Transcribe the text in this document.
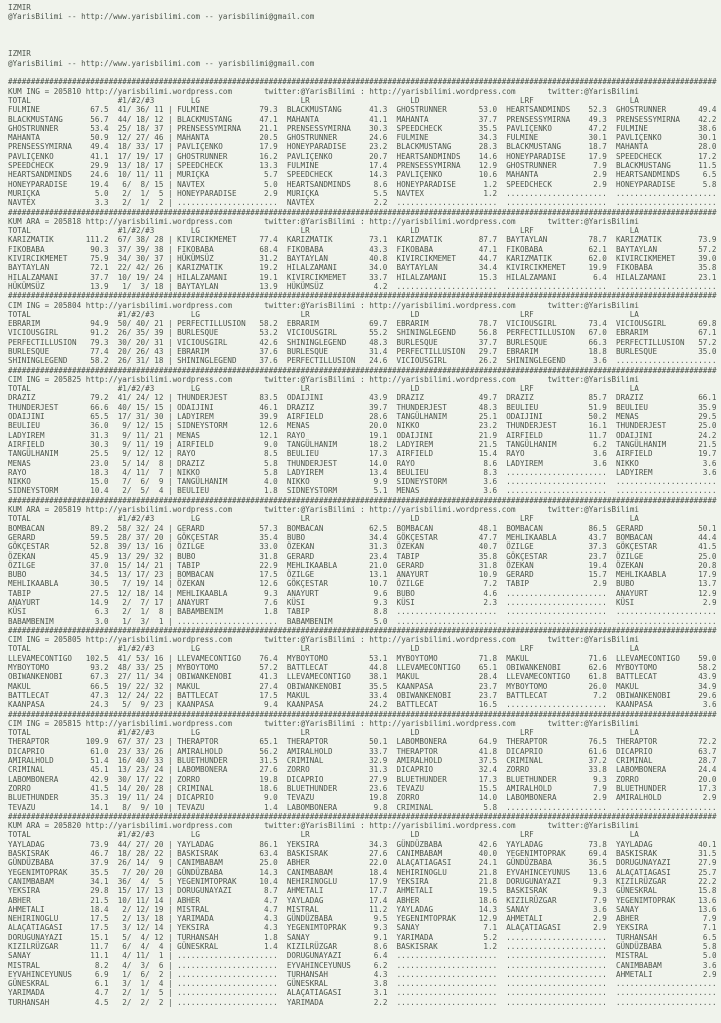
IZMIR
@YarisBilimi -- http://www.yarisbilimi.com -- yarisbilimi@gmail.com

IZMIR
@YarisBilimi -- http://www.yarisbilimi.com -- yarisbilimi@gmail.com

###########################################################################################################################################################
KUM ING = 205810 http://yarisbilimi.wordpress.com	twitter:@YarisBilimi : http://yarisbilimi.wordpress.com	twitter:@YarisBilimi
TOTAL	#1/#2/#3	LG	LR	LD	LRF	LA
FULMINE	67.5 41/ 36/ 11 | FULMINE	79.3 BLACKMUSTANG	41.3 GHOSTRUNNER	53.0 HEARTSANDMINDS 52.3 GHOSTRUNNER	49.4
BLACKMUSTANG	56.7 44/ 18/ 12 | BLACKMUSTANG	47.1 MAHANTA	41.1 MAHANTA	37.7 PRENSESSYMIRNA 49.3 PRENSESSYMIRNA 42.2
GHOSTRUNNER	53.4 25/ 18/ 37 | PRENSESSYMIRNA 21.1 PRENSESSYMIRNA 30.3 SPEEDCHECK	35.5 PAVLIÇENKO	47.2 FULMINE	38.6
MAHANTA	50.9 12/ 27/ 46 | MAHANTA	20.5 GHOSTRUNNER	24.6 FULMINE	34.3 FULMINE	30.1 PAVLIÇENKO	30.1
PRENSESSYMIRNA 49.4 18/ 33/ 17 | PAVLIÇENKO	17.9 HONEYPARADISE	23.2 BLACKMUSTANG	28.3 BLACKMUSTANG	18.7 MAHANTA	28.0
PAVLIÇENKO	41.1 17/ 19/ 17 | GHOSTRUNNER	16.2 PAVLIÇENKO	20.7 HEARTSANDMINDS 14.6 HONEYPARADISE	17.9 SPEEDCHECK	17.2
SPEEDCHECK	29.9 13/ 18/ 17 | SPEEDCHECK	13.3 FULMINE	17.4 PRENSESSYMIRNA 12.9 GHOSTRUNNER	7.9 BLACKMUSTANG	11.5
HEARTSANDMINDS 24.6 10/ 11/ 11 | MURIÇKA	5.7 SPEEDCHECK	14.3 PAVLIÇENKO	10.6 MAHANTA	2.9 HEARTSANDMINDS	6.5
HONEYPARADISE	19.4 6/  8/ 15 | NAVTEX	5.0 HEARTSANDMINDS	8.6 HONEYPARADISE	1.2 SPEEDCHECK	2.9 HONEYPARADISE	5.8
MURIÇKA	5.0 2/  1/  5 | HONEYPARADISE	2.9 MURIÇKA	5.5 NAVTEX	1.2 ...................... ......................
NAVTEX	3.3 2/  1/  2 | ...................... NAVTEX	2.2 ...................... ...................... ......................
###########################################################################################################################################################
KUM ARA = 205818 http://yarisbilimi.wordpress.com	twitter:@YarisBilimi : http://yarisbilimi.wordpress.com	twitter:@YarisBilimi
TOTAL	#1/#2/#3	LG	LR	LD	LRF	LA
KARIZMATIK	111.2 67/ 38/ 28 | KIVIRCIKMEMET	77.4 KARIZMATIK	73.1 KARIZMATIK	87.7 BAYTAYLAN	78.7 KARIZMATIK	73.9
FIKOBABA	90.3 37/ 39/ 38 | FIKOBABA	68.4 FIKOBABA	43.3 FIKOBABA	47.1 FIKOBABA	62.1 BAYTAYLAN	57.2
KIVIRCIKMEMET	75.9 34/ 30/ 37 | HÜKÜMSÜZ	31.2 BAYTAYLAN	40.8 KIVIRCIKMEMET	44.7 KARIZMATIK	62.0 KIVIRCIKMEMET	39.0
BAYTAYLAN	72.1 22/ 42/ 26 | KARIZMATIK	19.2 HILALZAMANI	34.0 BAYTAYLAN	34.4 KIVIRCIKMEMET	19.9 FIKOBABA	35.8
HILALZAMANI	37.7 10/ 19/ 24 | HILALZAMANI	19.1 KIVIRCIKMEMET	33.7 HILALZAMANI	15.3 HILALZAMANI	6.4 HILALZAMANI	23.1
HÜKÜMSÜZ	13.9 1/  3/ 18 | BAYTAYLAN	13.9 HÜKÜMSÜZ	4.2 ...................... ...................... ......................
###########################################################################################################################################################
CIM ING = 205804 http://yarisbilimi.wordpress.com	twitter:@YarisBilimi : http://yarisbilimi.wordpress.com	twitter:@YarisBilimi
TOTAL	#1/#2/#3	LG	LR	LD	LRF	LA
EBRARIM	94.9 50/ 40/ 21 | PERFECTILLUSION 58.2 EBRARIM	69.7 EBRARIM	78.7 VICIOUSGIRL	73.4 VICIOUSGIRL	69.8
VICIOUSGIRL	91.2 26/ 35/ 39 | BURLESQUE	53.2 VICIOUSGIRL	55.2 SHININGLEGEND	56.8 PERFECTILLUSION 67.0 EBRARIM	67.1
PERFECTILLUSION 79.3 30/ 20/ 31 | VICIOUSGIRL	42.6 SHININGLEGEND	48.3 BURLESQUE	37.7 BURLESQUE	66.3 PERFECTILLUSION 57.2
BURLESQUE	77.4 20/ 26/ 43 | EBRARIM	37.6 BURLESQUE	31.4 PERFECTILLUSION 29.7 EBRARIM	18.8 BURLESQUE	35.0
SHININGLEGEND	58.2 26/ 31/ 18 | SHININGLEGEND	37.6 PERFECTILLUSION 24.6 VICIOUSGIRL	26.2 SHININGLEGEND	3.6 ......................
###########################################################################################################################################################
CIM ING = 205825 http://yarisbilimi.wordpress.com	twitter:@YarisBilimi : http://yarisbilimi.wordpress.com	twitter:@YarisBilimi
TOTAL	#1/#2/#3	LG	LR	LD	LRF	LA
DRAZIZ	79.2 41/ 24/ 12 | THUNDERJEST	83.5 ODAIJINI	43.9 DRAZIZ	49.7 DRAZIZ	85.7 DRAZIZ	66.1
THUNDERJEST	66.6 40/ 15/ 15 | ODAIJINI	46.1 DRAZIZ	39.7 THUNDERJEST	48.3 BEULIEU	51.9 BEULIEU	35.9
ODAIJINI	65.5 17/ 31/ 30 | LADYIREM	39.9 AIRFIELD	28.6 TANGÜLHANIM	25.1 ODAIJINI	50.2 MENAS	29.5
BEULIEU	36.0 9/ 12/ 15 | SIDNEYSTORM	12.6 MENAS	20.0 NIKKO	23.2 THUNDERJEST	16.1 THUNDERJEST	25.0
LADYIREM	31.3 9/ 11/ 21 | MENAS	12.1 RAYO	19.1 ODAIJINI	21.9 AIRFIELD	11.7 ODAIJINI	24.2
AIRFIELD	30.3 9/ 11/ 19 | AIRFIELD	9.0 TANGÜLHANIM	18.2 LADYIREM	21.5 TANGÜLHANIM	6.2 TANGÜLHANIM	21.5
TANGÜLHANIM	25.5 9/ 12/ 12 | RAYO	8.5 BEULIEU	17.3 AIRFIELD	15.4 RAYO	3.6 AIRFIELD	19.7
MENAS	23.0 5/ 14/  8 | DRAZIZ	5.8 THUNDERJEST	14.0 RAYO	8.6 LADYIREM	3.6 NIKKO	3.6
RAYO	18.3 4/ 11/  7 | NIKKO	5.8 LADYIREM	13.4 BEULIEU	8.3 ...................... LADYIREM	3.6
NIKKO	15.0 7/  6/  9 | TANGÜLHANIM	4.0 NIKKO	9.9 SIDNEYSTORM	3.6 ...................... ......................
SIDNEYSTORM	10.4 2/  5/  4 | BEULIEU	1.8 SIDNEYSTORM	5.1 MENAS	3.6 ...................... ......................
###########################################################################################################################################################
KUM ARA = 205819 http://yarisbilimi.wordpress.com	twitter:@YarisBilimi : http://yarisbilimi.wordpress.com	twitter:@YarisBilimi
TOTAL	#1/#2/#3	LG	LR	LD	LRF	LA
BOMBACAN	89.2 58/ 32/ 24 | GERARD	57.3 BOMBACAN	62.5 BOMBACAN	48.1 BOMBACAN	86.5 GERARD	50.1
GERARD	59.5 28/ 37/ 20 | GÖKÇESTAR	35.4 BUBO	34.4 GÖKÇESTAR	47.7 MEHLIKAABLA	43.7 BOMBACAN	44.4
GÖKÇESTAR	52.8 39/ 13/ 16 | ÖZILGE	33.0 ÖZEKAN	31.3 ÖZEKAN	40.7 ÖZILGE	37.3 GÖKÇESTAR	41.5
ÖZEKAN	45.9 13/ 29/ 32 | BUBO	31.8 GERARD	23.4 TABIP	35.8 GÖKÇESTAR	23.7 ÖZILGE	25.0
ÖZILGE	37.0 15/ 14/ 21 | TABIP	22.9 MEHLIKAABLA	21.0 GERARD	31.8 ÖZEKAN	19.4 ÖZEKAN	20.8
BUBO	34.5 13/ 17/ 23 | BOMBACAN	17.5 ÖZILGE	13.1 ANAYURT	10.9 GERARD	15.7 MEHLIKAABLA	17.9
MEHLIKAABLA	30.5 7/ 19/ 14 | ÖZEKAN	12.6 GÖKÇESTAR	10.7 ÖZILGE	7.2 TABIP	2.9 BUBO	13.7
TABIP	27.5 12/ 18/ 14 | MEHLIKAABLA	9.3 ANAYURT	9.6 BUBO	4.6 ...................... ANAYURT	12.9
ANAYURT	14.9 2/  7/ 17 | ANAYURT	7.6 KÜSI	9.3 KÜSI	2.3 ...................... KÜSI	2.9
KÜSI	6.3 2/  1/  8 | BABAMBENIM	1.8 TABIP	8.8 ...................... ...................... ......................
BABAMBENIM	3.0 1/  3/  1 | ...................... BABAMBENIM	5.0 ...................... ...................... ......................
###########################################################################################################################################################
CIM ING = 205805 http://yarisbilimi.wordpress.com	twitter:@YarisBilimi : http://yarisbilimi.wordpress.com	twitter:@YarisBilimi
TOTAL	#1/#2/#3	LG	LR	LD	LRF	LA
LLEVAMECONTIGO 102.5 41/ 53/ 16 | LLEVAMECONTIGO 76.4 MYBOYTOMO	53.1 MYBOYTOMO	71.8 MAKUL	71.6 LLEVAMECONTIGO 59.0
MYBOYTOMO	93.2 48/ 33/ 25 | MYBOYTOMO	57.2 BATTLECAT	44.8 LLEVAMECONTIGO 65.1 OBIWANKENOBI	62.6 MYBOYTOMO	58.2
OBIWANKENOBI	67.3 27/ 11/ 34 | OBIWANKENOBI	41.3 LLEVAMECONTIGO 38.1 MAKUL	28.4 LLEVAMECONTIGO 61.8 BATTLECAT	43.9
MAKUL	66.5 19/ 22/ 32 | MAKUL	27.4 OBIWANKENOBI	35.5 KAANPASA	23.7 MYBOYTOMO	26.0 MAKUL	34.9
BATTLECAT	47.3 12/ 24/ 22 | BATTLECAT	17.5 MAKUL	33.4 OBIWANKENOBI	23.7 BATTLECAT	7.2 OBIWANKENOBI	29.6
KAANPASA	24.3 5/  9/ 23 | KAANPASA	9.4 KAANPASA	24.2 BATTLECAT	16.5 ...................... KAANPASA	3.6
###########################################################################################################################################################
CIM ING = 205815 http://yarisbilimi.wordpress.com	twitter:@YarisBilimi : http://yarisbilimi.wordpress.com	twitter:@YarisBilimi
TOTAL	#1/#2/#3	LG	LR	LD	LRF	LA
THERAPTOR	109.9 67/ 37/ 23 | THERAPTOR	65.1 THERAPTOR	50.1 LABOMBONERA	64.9 THERAPTOR	76.5 THERAPTOR	72.2
DICAPRIO	61.0 23/ 33/ 26 | AMIRALHOLD	56.2 AMIRALHOLD	33.7 THERAPTOR	41.8 DICAPRIO	61.6 DICAPRIO	63.7
AMIRALHOLD	51.4 16/ 40/ 33 | BLUETHUNDER	31.5 CRIMINAL	32.9 AMIRALHOLD	37.5 CRIMINAL	37.2 CRIMINAL	28.7
CRIMINAL	45.1 13/ 23/ 24 | LABOMBONERA	27.6 ZORRO	31.3 DICAPRIO	32.4 ZORRO	33.8 LABOMBONERA	24.4
LABOMBONERA	42.9 30/ 17/ 22 | ZORRO	19.8 DICAPRIO	27.9 BLUETHUNDER	17.3 BLUETHUNDER	9.3 ZORRO	20.0
ZORRO	41.5 14/ 20/ 28 | CRIMINAL	18.6 BLUETHUNDER	23.6 TEVAZU	15.5 AMIRALHOLD	7.9 BLUETHUNDER	17.3
BLUETHUNDER	35.3 19/ 11/ 24 | DICAPRIO	9.0 TEVAZU	19.8 ZORRO	14.0 LABOMBONERA	2.9 AMIRALHOLD	2.9
TEVAZU	14.1 8/  9/ 10 | TEVAZU	1.4 LABOMBONERA	9.8 CRIMINAL	5.8 ...................... ......................
###########################################################################################################################################################
KUM ARA = 205820 http://yarisbilimi.wordpress.com	twitter:@YarisBilimi : http://yarisbilimi.wordpress.com	twitter:@YarisBilimi
TOTAL	#1/#2/#3	LG	LR	LD	LRF	LA
YAYLADAG	73.9 44/ 27/ 20 | YAYLADAG	86.1 YEKSIRA	34.3 GÜNDÜZBABA	42.6 YAYLADAG	73.8 YAYLADAG	40.1
BASKISRAK	46.7 18/ 28/ 22 | BASKISRAK	63.4 BASKISRAK	27.6 CANIMBABAM	40.0 YEGENIMTOPRAK	69.4 BASKISRAK	31.5
GÜNDÜZBABA	37.9 26/ 14/  9 | CANIMBABAM	25.0 ABHER	22.0 ALAÇATIAGASI	24.1 GÜNDÜZBABA	36.5 DORUGUNAYAZI	27.9
YEGENIMTOPRAK	35.5 7/ 20/ 20 | GÜNDÜZBABA	14.3 CANIMBABAM	18.4 NEHIRINOGLU	21.8 EYVAHINCEYUNUS 13.6 ALAÇATIAGASI	25.7
CANIMBABAM	34.1 36/  4/  5 | YEGENIMTOPRAK	10.4 NEHIRINOGLU	17.9 YEKSIRA	21.8 DORUGUNAYAZI	9.3 KIZILRÜZGAR	22.2
YEKSIRA	29.8 15/ 17/ 13 | DORUGUNAYAZI	8.7 AHMETALI	17.7 AHMETALI	19.5 BASKISRAK	9.3 GÜNESKRAL	15.8
ABHER	21.5 10/ 11/ 14 | ABHER	4.7 YAYLADAG	17.4 ABHER	18.6 KIZILRÜZGAR	7.9 YEGENIMTOPRAK	13.6
AHMETALI	18.4 2/ 12/ 19 | MISTRAL	4.7 MISTRAL	11.2 YAYLADAG	14.3 SANAY	3.6 SANAY	13.6
NEHIRINOGLU	17.5 2/ 13/ 18 | YARIMADA	4.3 GÜNDÜZBABA	9.5 YEGENIMTOPRAK	12.9 AHMETALI	2.9 ABHER	7.9
ALAÇATIAGASI	17.5 3/ 12/ 14 | YEKSIRA	4.3 YEGENIMTOPRAK	9.3 SANAY	7.1 ALAÇATIAGASI	2.9 YEKSIRA	7.1
DORUGUNAYAZI	15.1 5/  4/ 12 | TURHANSAH	1.8 SANAY	9.1 YARIMADA	5.2 ...................... TURHANSAH	6.5
KIZILRÜZGAR	11.7 6/  4/  4 | GÜNESKRAL	1.4 KIZILRÜZGAR	8.6 BASKISRAK	1.2 ...................... GÜNDÜZBABA	5.8
SANAY	11.1 4/ 11/  1 | ...................... DORUGUNAYAZI	6.4 ...................... ...................... MISTRAL	5.0
MISTRAL	8.2 4/  3/  6 | ...................... EYVAHINCEYUNUS	6.2 ...................... ...................... CANIMBABAM	3.6
EYVAHINCEYUNUS	6.9 1/  6/  2 | ...................... TURHANSAH	4.3 ...................... ...................... AHMETALI	2.9
GÜNESKRAL	6.1 3/  1/  4 | ...................... GÜNESKRAL	3.8 ...................... ...................... ......................
YARIMADA	4.7 2/  1/  5 | ...................... ALAÇATIAGASI	3.1 ...................... ...................... ......................
TURHANSAH	4.5 2/  2/  2 | ...................... YARIMADA	2.2 ...................... ...................... ......................
